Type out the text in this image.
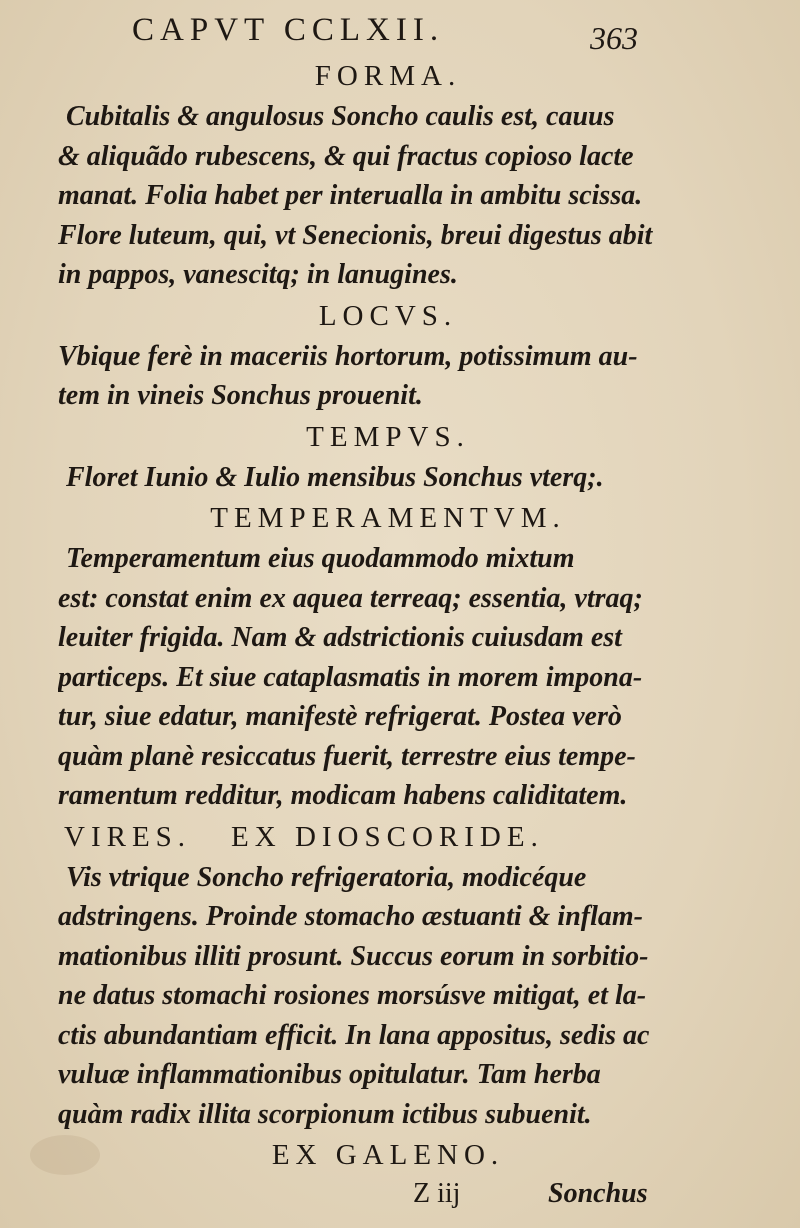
CAPVT CCLXII.	363
FORMA.
Cubitalis & angulosus Soncho caulis est, cauus
& aliquãdo rubescens, & qui fractus copioso lacte
manat. Folia habet per interualla in ambitu scissa.
Flore luteum, qui, vt Senecionis, breui digestus abit
in pappos, vanescitq; in lanugines.
LOCVS.
Vbique ferè in maceriis hortorum, potissimum au-
tem in vineis Sonchus prouenit.
TEMPVS.
Floret Iunio & Iulio mensibus Sonchus vterq;.
TEMPERAMENTVM.
Temperamentum eius quodammodo mixtum
est: constat enim ex aquea terreaq; essentia, vtraq;
leuiter frigida. Nam & adstrictionis cuiusdam est
particeps. Et siue cataplasmatis in morem impona-
tur, siue edatur, manifestè refrigerat. Postea verò
quàm planè resiccatus fuerit, terrestre eius tempe-
ramentum redditur, modicam habens caliditatem.
VIRES. EX DIOSCORIDE.
Vis vtrique Soncho refrigeratoria, modicéque
adstringens. Proinde stomacho æstuanti & inflam-
mationibus illiti prosunt. Succus eorum in sorbitio-
ne datus stomachi rosiones morsúsve mitigat, et la-
ctis abundantiam efficit. In lana appositus, sedis ac
vuluæ inflammationibus opitulatur. Tam herba
quàm radix illita scorpionum ictibus subuenit.
EX GALENO.
Z iij	Sonchus
